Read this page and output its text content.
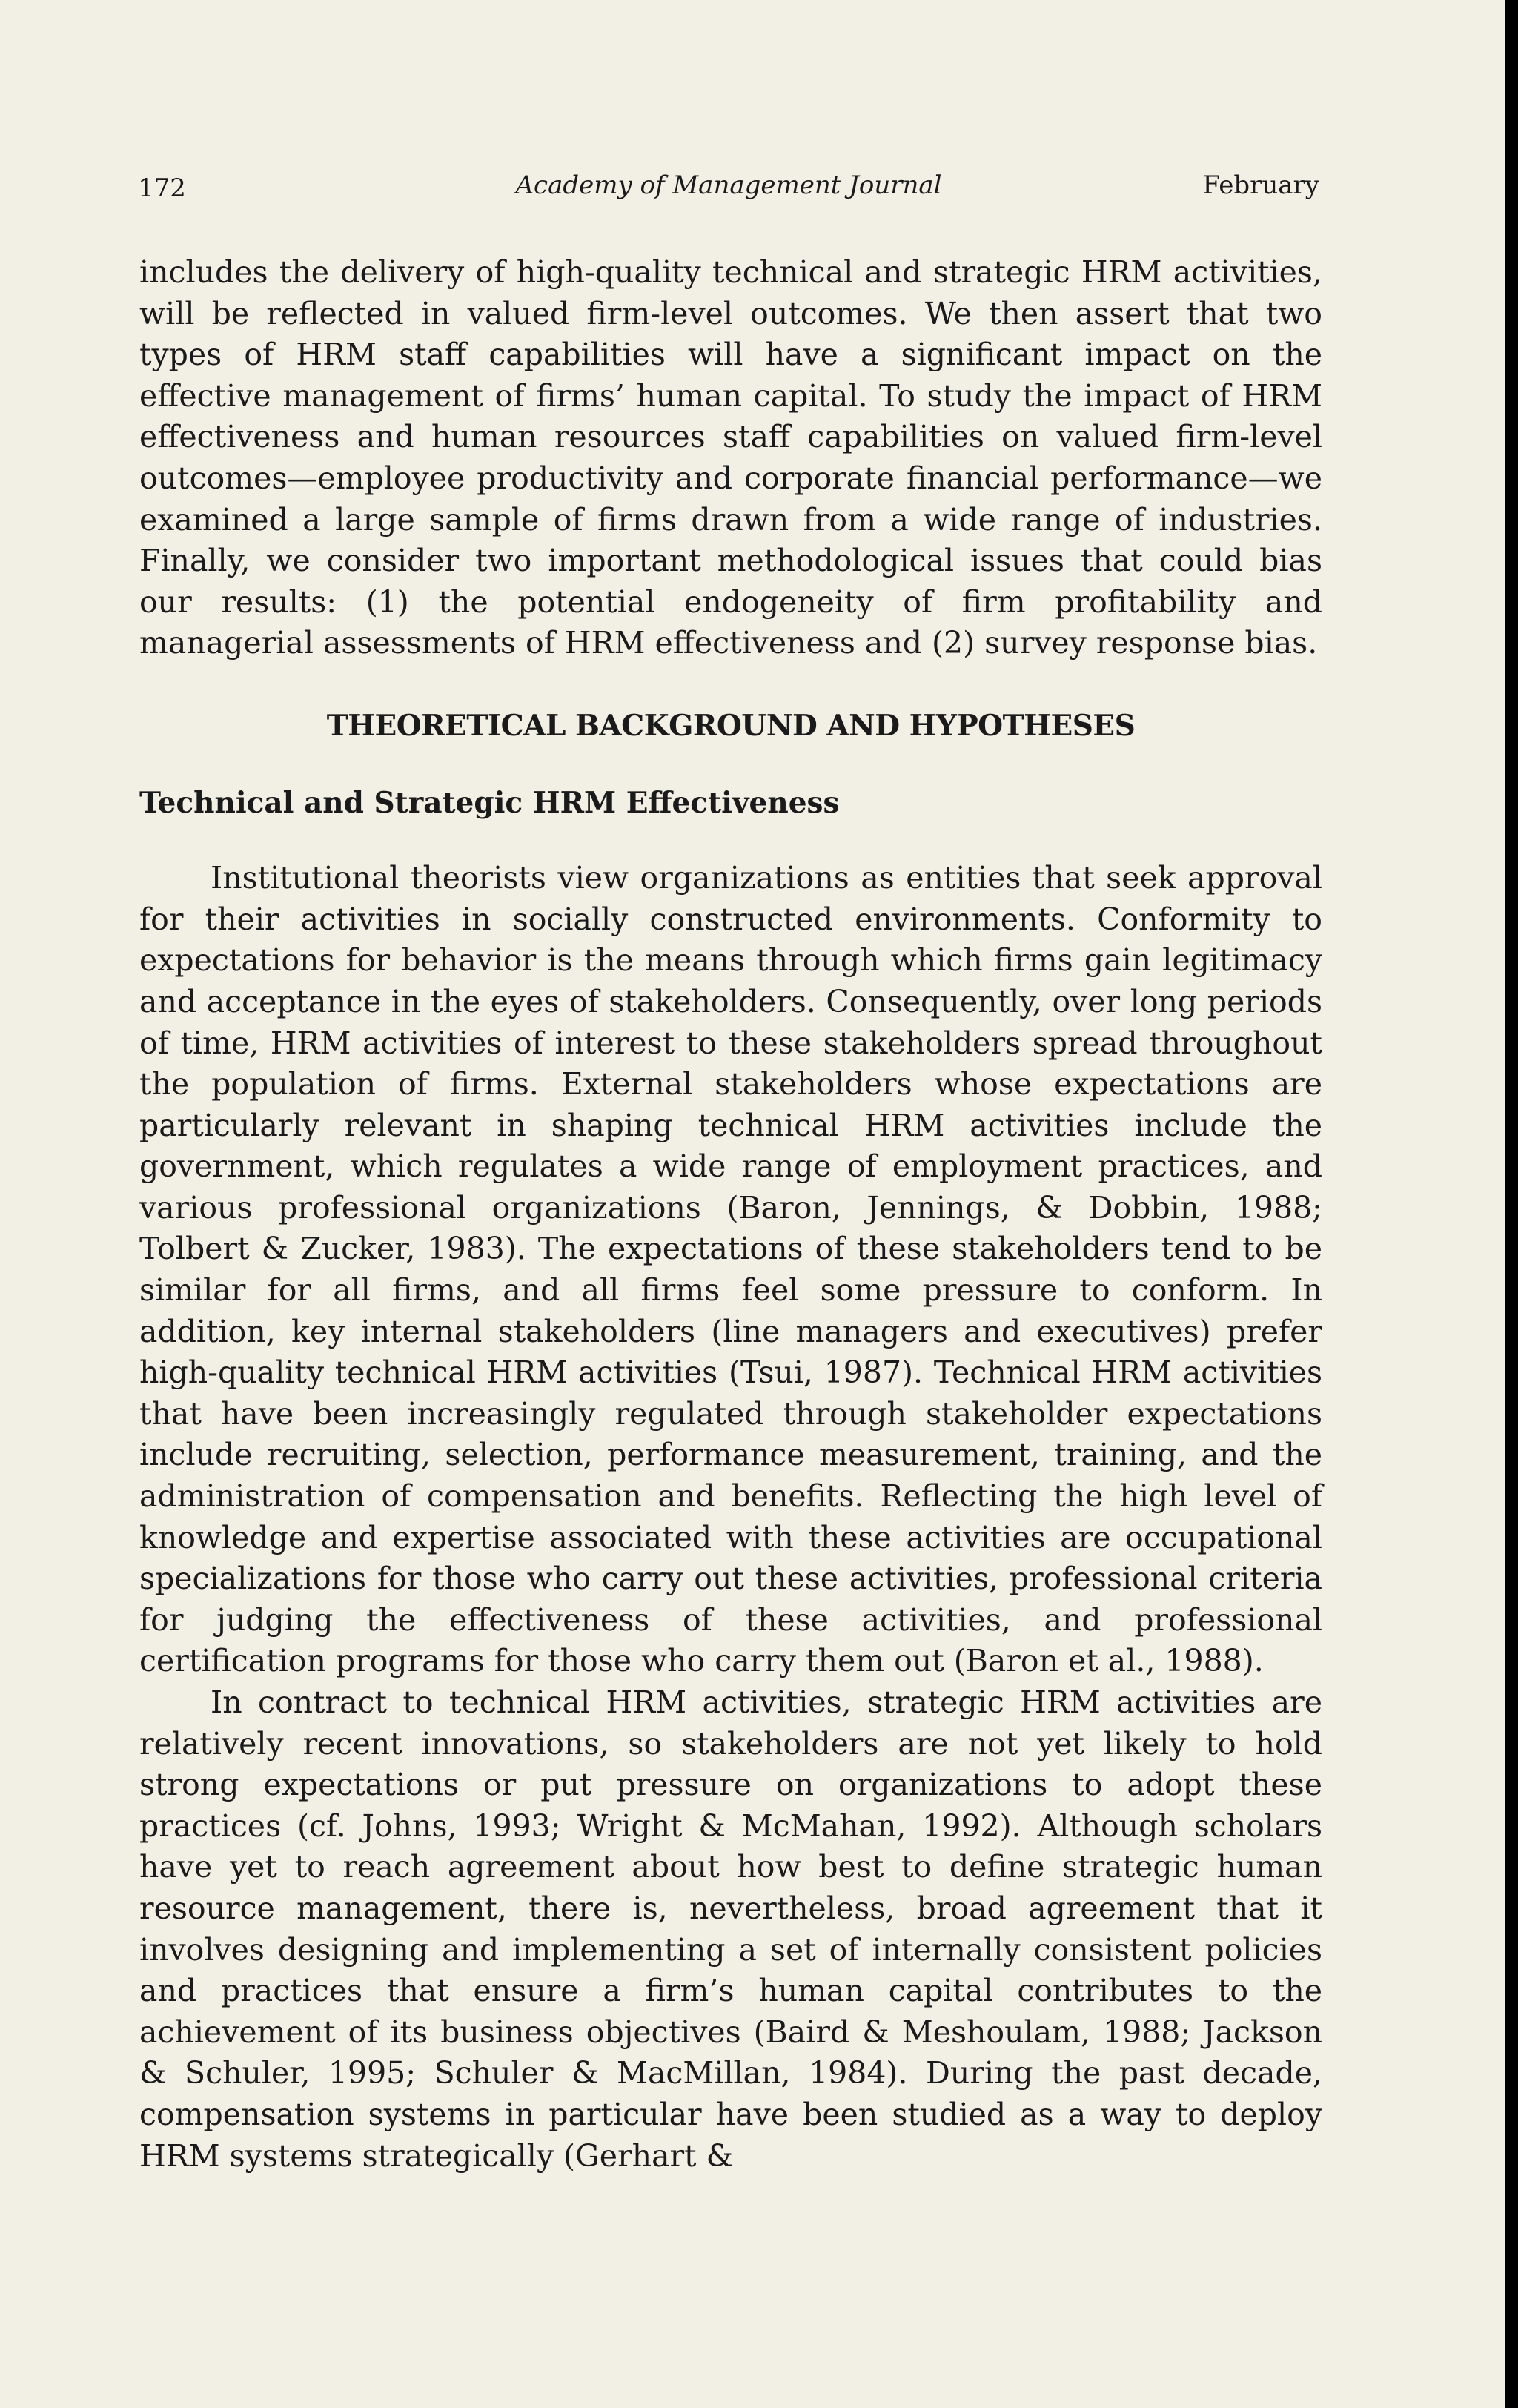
172	Academy of Management Journal	February

includes the delivery of high-quality technical and strategic HRM activities, will be reflected in valued firm-level outcomes. We then assert that two types of HRM staff capabilities will have a significant impact on the effective management of firms’ human capital. To study the impact of HRM effectiveness and human resources staff capabilities on valued firm-level outcomes—employee productivity and corporate financial performance—we examined a large sample of firms drawn from a wide range of industries. Finally, we consider two important methodological issues that could bias our results: (1) the potential endogeneity of firm profitability and managerial assessments of HRM effectiveness and (2) survey response bias.

THEORETICAL BACKGROUND AND HYPOTHESES
Technical and Strategic HRM Effectiveness

Institutional theorists view organizations as entities that seek approval for their activities in socially constructed environments. Conformity to expectations for behavior is the means through which firms gain legitimacy and acceptance in the eyes of stakeholders. Consequently, over long periods of time, HRM activities of interest to these stakeholders spread throughout the population of firms. External stakeholders whose expectations are particularly relevant in shaping technical HRM activities include the government, which regulates a wide range of employment practices, and various professional organizations (Baron, Jennings, & Dobbin, 1988; Tolbert & Zucker, 1983). The expectations of these stakeholders tend to be similar for all firms, and all firms feel some pressure to conform. In addition, key internal stakeholders (line managers and executives) prefer high-quality technical HRM activities (Tsui, 1987). Technical HRM activities that have been increasingly regulated through stakeholder expectations include recruiting, selection, performance measurement, training, and the administration of compensation and benefits. Reflecting the high level of knowledge and expertise associated with these activities are occupational specializations for those who carry out these activities, professional criteria for judging the effectiveness of these activities, and professional certification programs for those who carry them out (Baron et al., 1988).

In contract to technical HRM activities, strategic HRM activities are relatively recent innovations, so stakeholders are not yet likely to hold strong expectations or put pressure on organizations to adopt these practices (cf. Johns, 1993; Wright & McMahan, 1992). Although scholars have yet to reach agreement about how best to define strategic human resource management, there is, nevertheless, broad agreement that it involves designing and implementing a set of internally consistent policies and practices that ensure a firm’s human capital contributes to the achievement of its business objectives (Baird & Meshoulam, 1988; Jackson & Schuler, 1995; Schuler & MacMillan, 1984). During the past decade, compensation systems in particular have been studied as a way to deploy HRM systems strategically (Gerhart &
